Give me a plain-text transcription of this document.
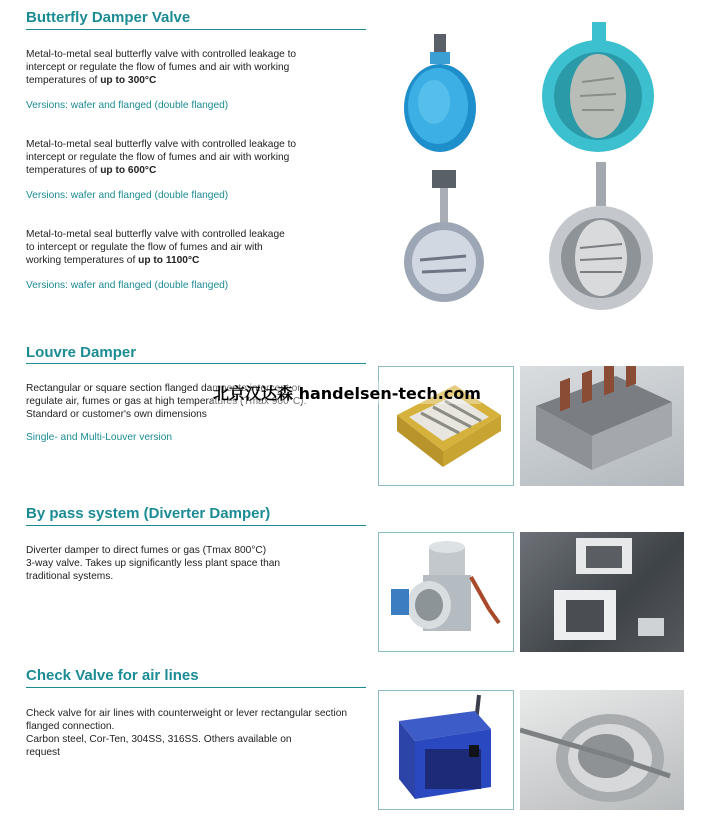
Butterfly Damper Valve

Metal-to-metal seal butterfly valve with controlled leakage to
intercept or regulate the flow of fumes and air with working
temperatures of up to 300°C

Versions: wafer and flanged (double flanged)

Metal-to-metal seal butterfly valve with controlled leakage to
intercept or regulate the flow of fumes and air with working
temperatures of up to 600°C

Versions: wafer and flanged (double flanged)

Metal-to-metal seal butterfly valve with controlled leakage
to intercept or regulate the flow of fumes and air with
working temperatures of up to 1100°C

Versions: wafer and flanged (double flanged)

Louvre Damper

Rectangular or square section flanged damper to intercept or
regulate air, fumes or gas at high temperatures (Tmax 900°C).
Standard or customer's own dimensions

Single- and Multi-Louver version

北京汉达森 handelsen-tech.com
By pass system (Diverter Damper)

Diverter damper to direct fumes or gas (Tmax 800°C)
3-way valve. Takes up significantly less plant space than
traditional systems.

Check Valve for air lines

Check valve for air lines with counterweight or lever rectangular section
flanged connection.
Carbon steel, Cor-Ten, 304SS, 316SS. Others available on
request
